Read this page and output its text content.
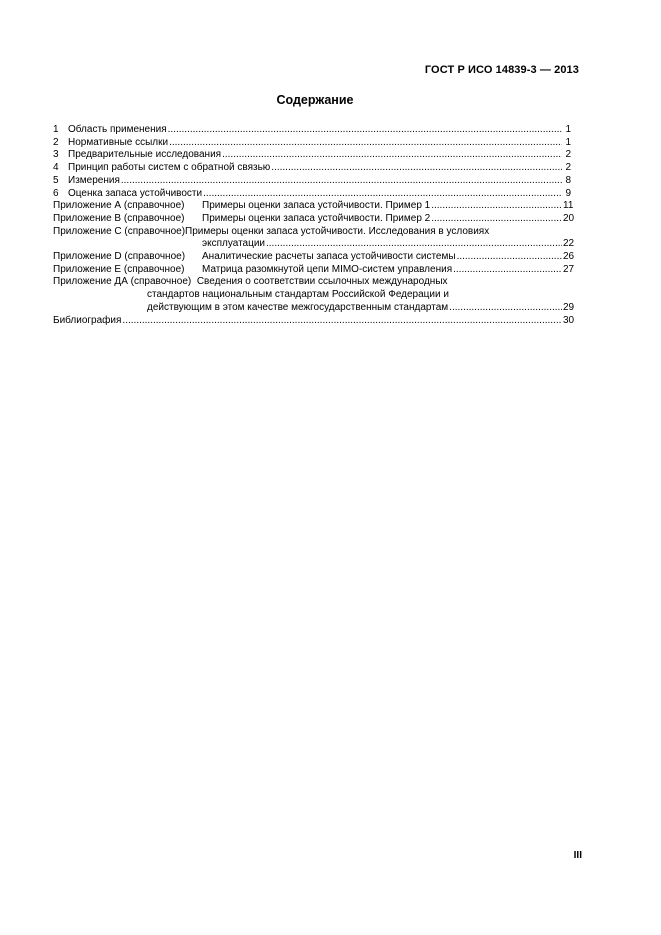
ГОСТ Р ИСО 14839-3 — 2013
Содержание
1 Область применения .....	1
2 Нормативные ссылки .....	1
3 Предварительные исследования .....	2
4 Принцип работы систем с обратной связью .....	2
5 Измерения .....	8
6 Оценка запаса устойчивости .....	9
Приложение А (справочное) Примеры оценки запаса устойчивости. Пример 1 .....	11
Приложение В (справочное) Примеры оценки запаса устойчивости. Пример 2 .....	20
Приложение С (справочное)Примеры оценки запаса устойчивости. Исследования в условиях
эксплуатации .....	22
Приложение D (справочное) Аналитические расчеты запаса устойчивости системы .....	26
Приложение Е (справочное) Матрица разомкнутой цепи MIMO-систем управления .....	27
Приложение ДА (справочное) Сведения о соответствии ссылочных международных
стандартов национальным стандартам Российской Федерации и
действующим в этом качестве межгосударственным стандартам .....	29
Библиография .....	30
III
